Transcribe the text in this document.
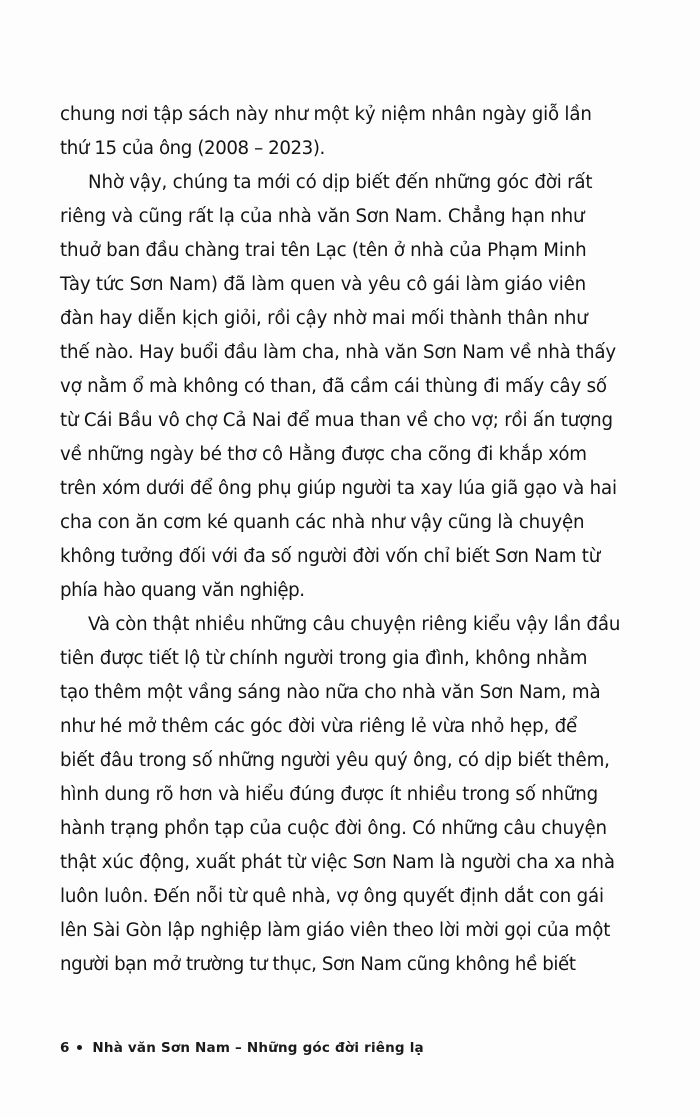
chung nơi tập sách này như một kỷ niệm nhân ngày giỗ lần
thứ 15 của ông (2008 – 2023).
Nhờ vậy, chúng ta mới có dịp biết đến những góc đời rất
riêng và cũng rất lạ của nhà văn Sơn Nam. Chẳng hạn như
thuở ban đầu chàng trai tên Lạc (tên ở nhà của Phạm Minh
Tày tức Sơn Nam) đã làm quen và yêu cô gái làm giáo viên
đàn hay diễn kịch giỏi, rồi cậy nhờ mai mối thành thân như
thế nào. Hay buổi đầu làm cha, nhà văn Sơn Nam về nhà thấy
vợ nằm ổ mà không có than, đã cầm cái thùng đi mấy cây số
từ Cái Bầu vô chợ Cả Nai để mua than về cho vợ; rồi ấn tượng
về những ngày bé thơ cô Hằng được cha cõng đi khắp xóm
trên xóm dưới để ông phụ giúp người ta xay lúa giã gạo và hai
cha con ăn cơm ké quanh các nhà như vậy cũng là chuyện
không tưởng đối với đa số người đời vốn chỉ biết Sơn Nam từ
phía hào quang văn nghiệp.
Và còn thật nhiều những câu chuyện riêng kiểu vậy lần đầu
tiên được tiết lộ từ chính người trong gia đình, không nhằm
tạo thêm một vầng sáng nào nữa cho nhà văn Sơn Nam, mà
như hé mở thêm các góc đời vừa riêng lẻ vừa nhỏ hẹp, để
biết đâu trong số những người yêu quý ông, có dịp biết thêm,
hình dung rõ hơn và hiểu đúng được ít nhiều trong số những
hành trạng phồn tạp của cuộc đời ông. Có những câu chuyện
thật xúc động, xuất phát từ việc Sơn Nam là người cha xa nhà
luôn luôn. Đến nỗi từ quê nhà, vợ ông quyết định dắt con gái
lên Sài Gòn lập nghiệp làm giáo viên theo lời mời gọi của một
người bạn mở trường tư thục, Sơn Nam cũng không hề biết
6 Nhà văn Sơn Nam – Những góc đời riêng lạ
